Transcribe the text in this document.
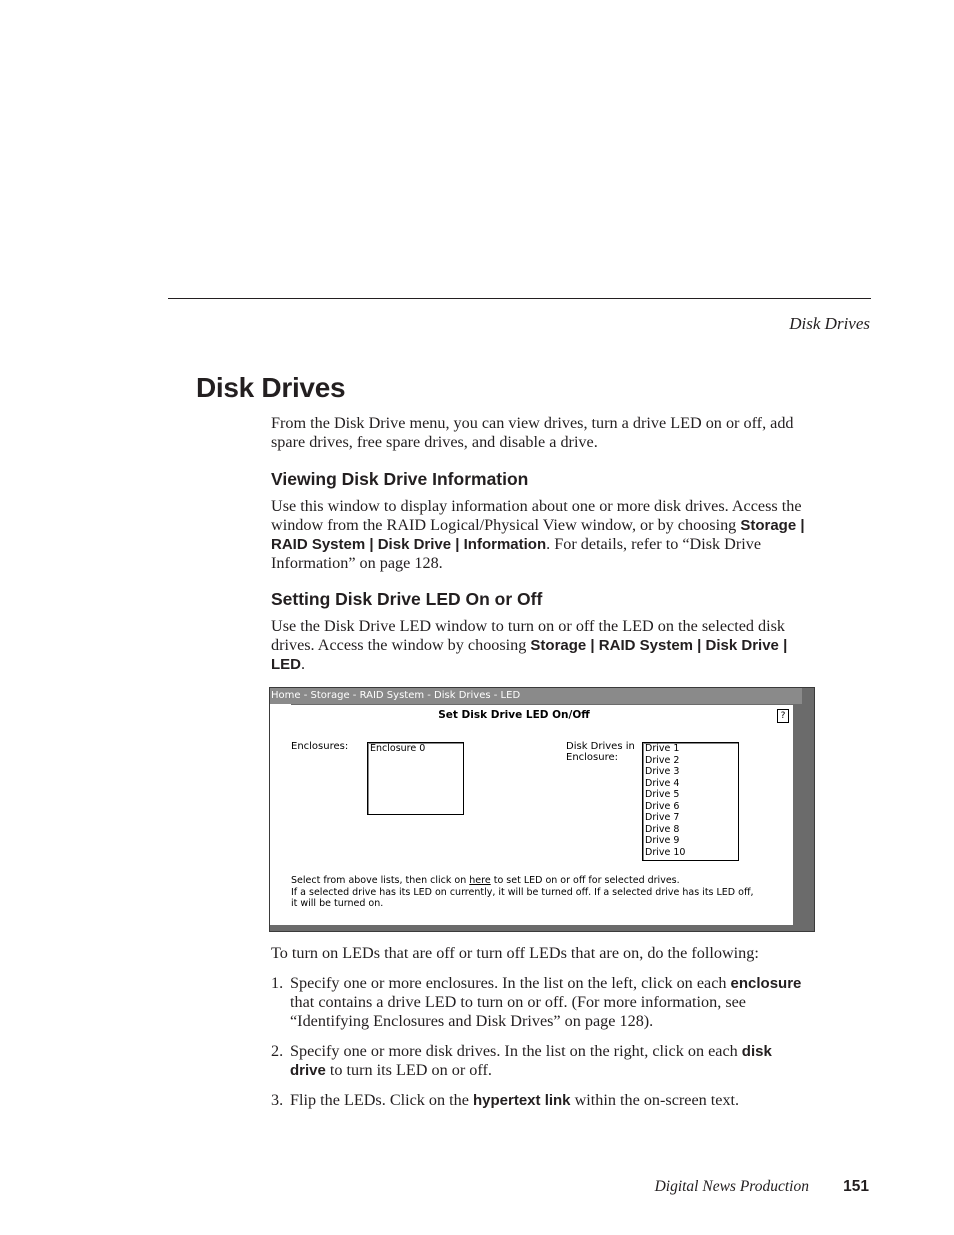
Disk Drives
Disk Drives

From the Disk Drive menu, you can view drives, turn a drive LED on or off, add spare drives, free spare drives, and disable a drive.

Viewing Disk Drive Information

Use this window to display information about one or more disk drives. Access the window from the RAID Logical/Physical View window, or by choosing Storage | RAID System | Disk Drive | Information. For details, refer to “Disk Drive Information” on page 128.

Setting Disk Drive LED On or Off

Use the Disk Drive LED window to turn on or off the LED on the selected disk drives. Access the window by choosing Storage | RAID System | Disk Drive | LED.

Home - Storage - RAID System - Disk Drives - LED
Set Disk Drive LED On/Off	?
Enclosures: Enclosure 0	Disk Drives in
Enclosure:
Drive 1
Drive 2
Drive 3
Drive 4
Drive 5
Drive 6
Drive 7
Drive 8
Drive 9
Drive 10
Select from above lists, then click on here to set LED on or off for selected drives.
If a selected drive has its LED on currently, it will be turned off. If a selected drive has its LED off,
it will be turned on.

To turn on LEDs that are off or turn off LEDs that are on, do the following:

1. Specify one or more enclosures. In the list on the left, click on each enclosure that contains a drive LED to turn on or off. (For more information, see “Identifying Enclosures and Disk Drives” on page 128).
2. Specify one or more disk drives. In the list on the right, click on each disk drive to turn its LED on or off.
3. Flip the LEDs. Click on the hypertext link within the on-screen text.
Digital News Production 151
